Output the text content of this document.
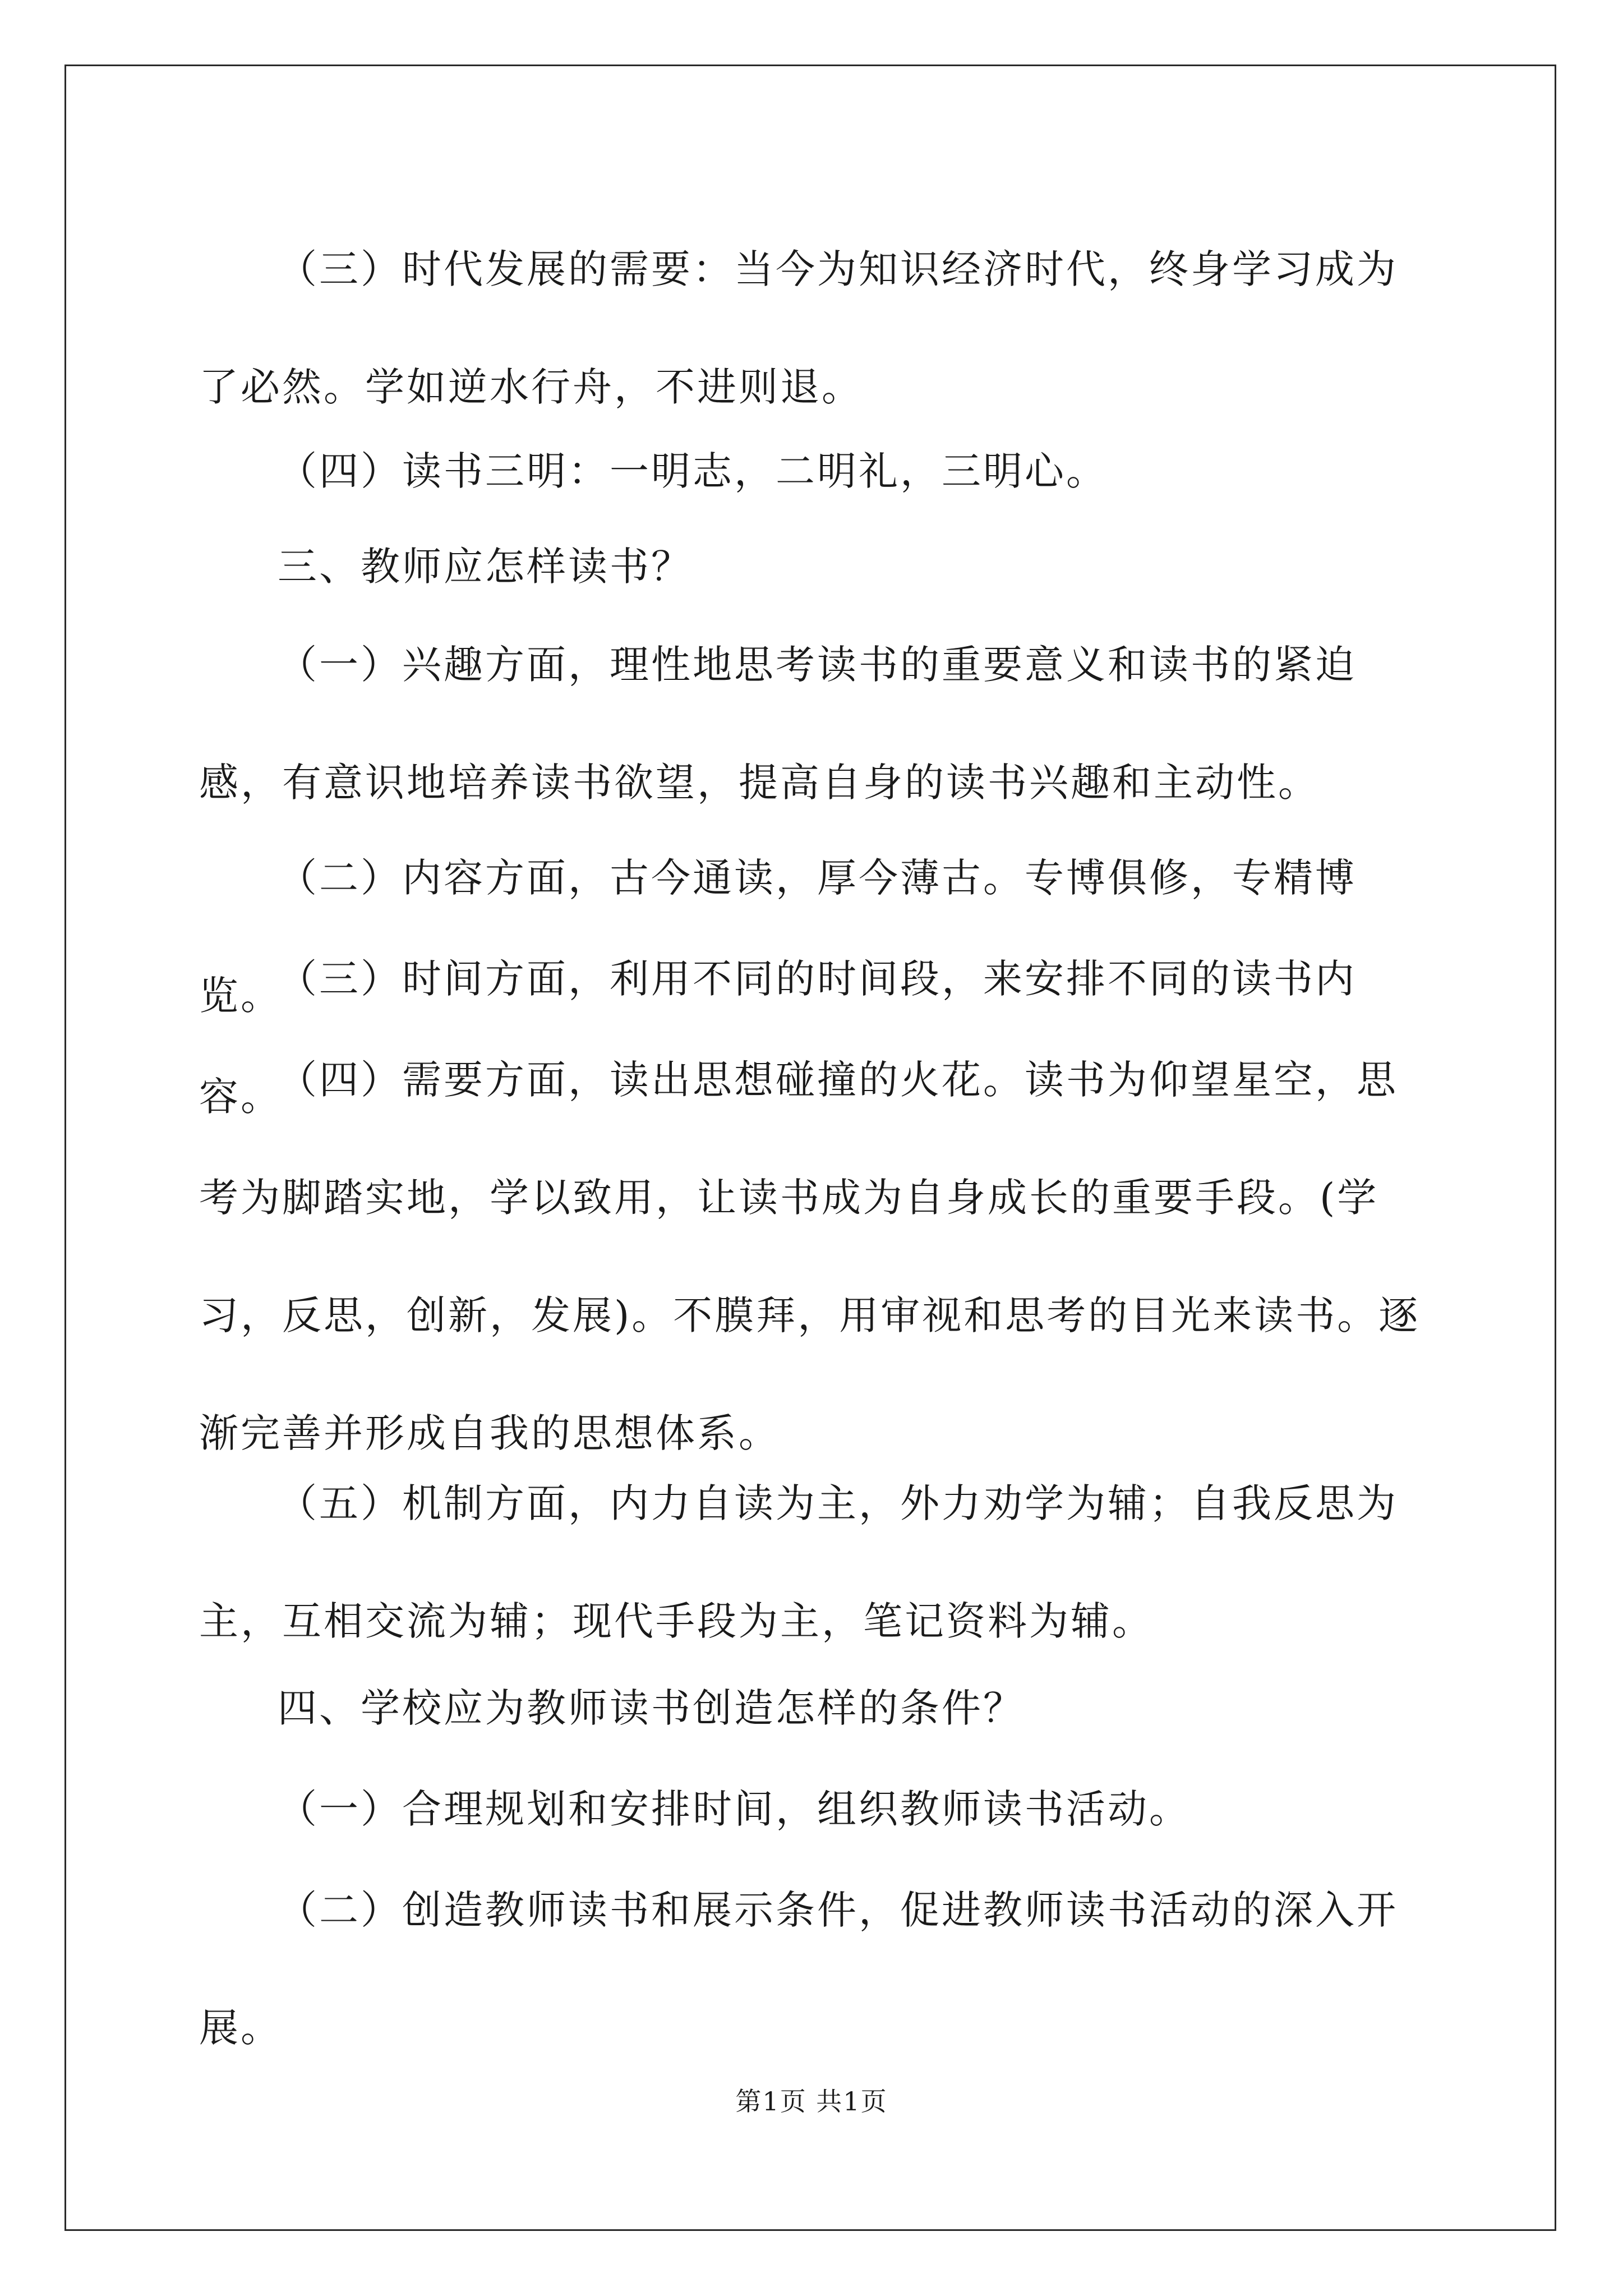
（三）时代发展的需要：当今为知识经济时代，终身学习成为了必然。学如逆水行舟，不进则退。

（四）读书三明：一明志，二明礼，三明心。

三、教师应怎样读书？

（一）兴趣方面，理性地思考读书的重要意义和读书的紧迫感，有意识地培养读书欲望，提高自身的读书兴趣和主动性。

（二）内容方面，古今通读，厚今薄古。专博俱修，专精博览。

（三）时间方面，利用不同的时间段，来安排不同的读书内容。

（四）需要方面，读出思想碰撞的火花。读书为仰望星空，思考为脚踏实地，学以致用，让读书成为自身成长的重要手段。(学习，反思，创新，发展)。不膜拜，用审视和思考的目光来读书。逐渐完善并形成自我的思想体系。

（五）机制方面，内力自读为主，外力劝学为辅；自我反思为主，互相交流为辅；现代手段为主，笔记资料为辅。

四、学校应为教师读书创造怎样的条件？

（一）合理规划和安排时间，组织教师读书活动。

（二）创造教师读书和展示条件，促进教师读书活动的深入开展。

第1页 共1页
